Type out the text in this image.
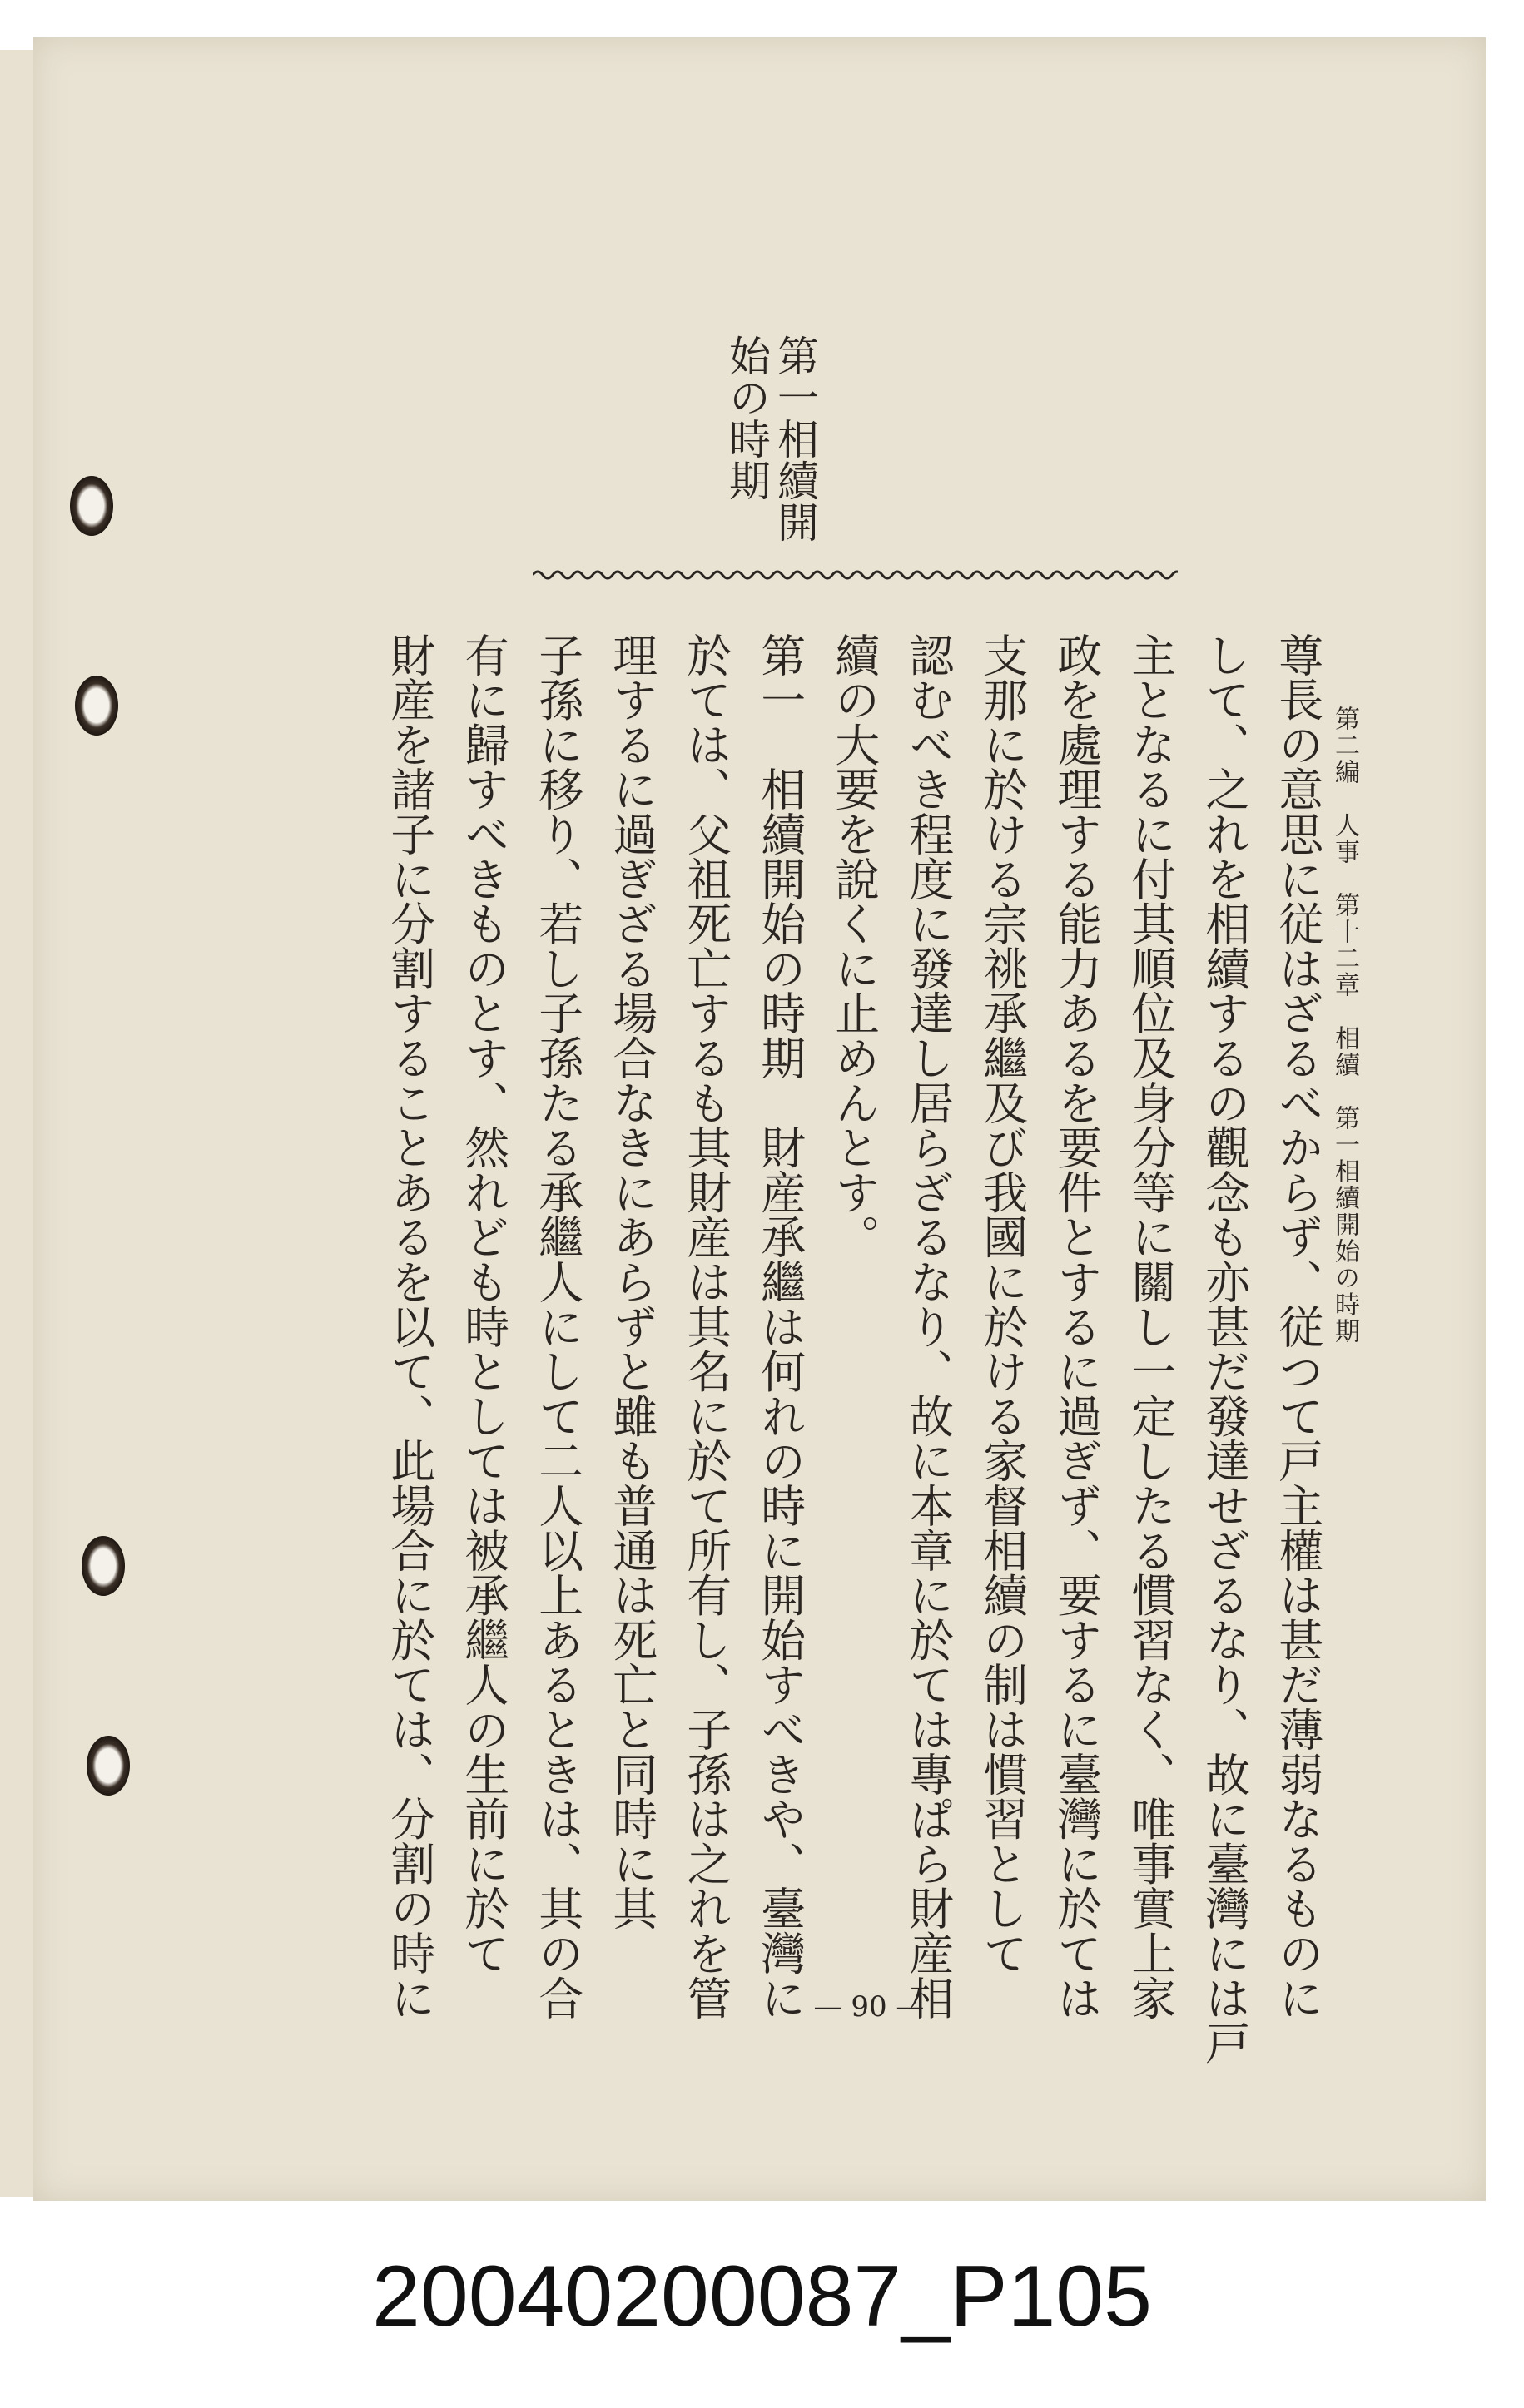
第二編　人事　第十二章　相續　第一相續開始の時期
尊長の意思に従はざるべからず、従つて戸主權は甚だ薄弱なるものに
して、之れを相續するの觀念も亦甚だ發達せざるなり、故に臺灣には戸
主となるに付其順位及身分等に關し一定したる慣習なく、唯事實上家
政を處理する能力あるを要件とするに過ぎず、要するに臺灣に於ては
支那に於ける宗祧承繼及び我國に於ける家督相續の制は慣習として
認むべき程度に發達し居らざるなり、故に本章に於ては專ぱら財産相
續の大要を說くに止めんとす。
第一　相續開始の時期　財産承繼は何れの時に開始すべきや、臺灣に
於ては、父祖死亡するも其財産は其名に於て所有し、子孫は之れを管
理するに過ぎざる場合なきにあらずと雖も普通は死亡と同時に其
子孫に移り、若し子孫たる承繼人にして二人以上あるときは、其の合
有に歸すべきものとす、然れども時としては被承繼人の生前に於て
財産を諸子に分割することあるを以て、此場合に於ては、分割の時に
第一相續開
始の時期
— 90 —
20040200087_P105
